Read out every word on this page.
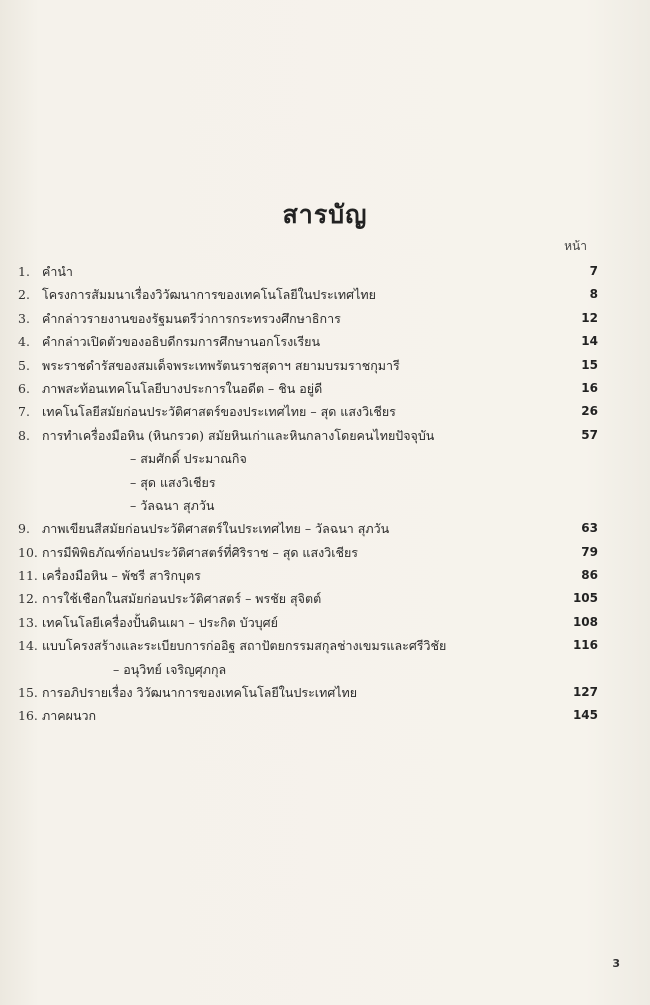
สารบัญ
หน้า
1. คำนำ	7
2. โครงการสัมมนาเรื่องวิวัฒนาการของเทคโนโลยีในประเทศไทย	8
3. คำกล่าวรายงานของรัฐมนตรีว่าการกระทรวงศึกษาธิการ	12
4. คำกล่าวเปิดตัวของอธิบดีกรมการศึกษานอกโรงเรียน	14
5. พระราชดำรัสของสมเด็จพระเทพรัตนราชสุดาฯ สยามบรมราชกุมารี	15
6. ภาพสะท้อนเทคโนโลยีบางประการในอดีต – ชิน อยู่ดี	16
7. เทคโนโลยีสมัยก่อนประวัติศาสตร์ของประเทศไทย – สุด แสงวิเชียร	26
8. การทำเครื่องมือหิน (หินกรวด) สมัยหินเก่าและหินกลางโดยคนไทยปัจจุบัน	57
– สมศักดิ์ ประมาณกิจ
– สุด แสงวิเชียร
– วัลฉนา สุภวัน
9. ภาพเขียนสีสมัยก่อนประวัติศาสตร์ในประเทศไทย – วัลฉนา สุภวัน	63
10. การมีพิพิธภัณฑ์ก่อนประวัติศาสตร์ที่ศิริราช – สุด แสงวิเชียร	79
11. เครื่องมือหิน – พัชรี สาริกบุตร	86
12. การใช้เชือกในสมัยก่อนประวัติศาสตร์ – พรชัย สุจิตต์	105
13. เทคโนโลยีเครื่องปั้นดินเผา – ประกิต บัวบุศย์	108
14. แบบโครงสร้างและระเบียบการก่ออิฐ สถาปัตยกรรมสกุลช่างเขมรและศรีวิชัย	116
– อนุวิทย์ เจริญศุภกุล
15. การอภิปรายเรื่อง วิวัฒนาการของเทคโนโลยีในประเทศไทย	127
16. ภาคผนวก	145
3
